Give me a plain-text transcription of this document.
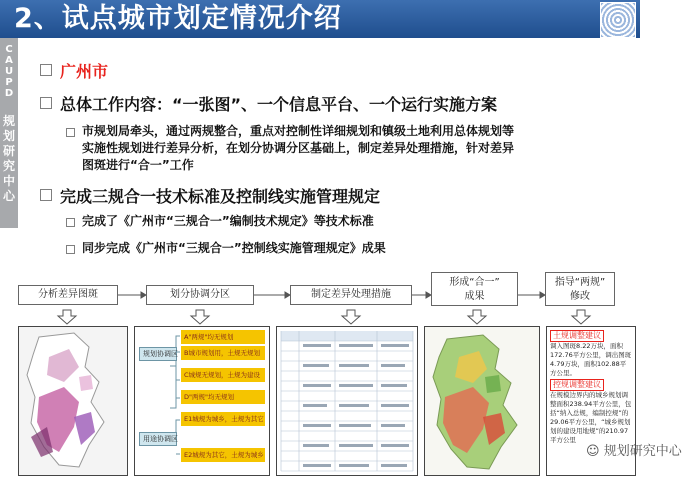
2、试点城市划定情况介绍
C
A
U
P
D
规
划
研
究
中
心
广州市
总体工作内容：“一张图”、一个信息平台、一个运行实施方案
市规划局牵头，通过两规整合，重点对控制性详细规划和镇级土地利用总体规划等
实施性规划进行差异分析，在划分协调分区基础上，制定差异处理措施，针对差异
图斑进行“合一”工作
完成三规合一技术标准及控制线实施管理规定
完成了《广州市“三规合一”编制技术规定》等技术标准
同步完成《广州市“三规合一”控制线实施管理规定》成果
分析差异图斑	划分协调分区	制定差异处理措施
形成“合一”
成果
指导“两规”
修改
规划协调区
用途协调区
A"两规"均无规划
B城市规划用，土规无规划
C城规无规划，土规为建设
D"两规"均无规划
E1城规为城乡，土规为其它
E2城规为其它，土规为城乡
土规调整建议
调入图斑8.22万块，面积172.76平方公里，调出图斑4.79万块，面积102.88平方公里。
控规调整建议
在规模边界内的城乡规划调整面积238.94平方公里，包括“纳入总规，编制控规”的29.06平方公里，“城乡规划划的建设用地规”的210.97平方公里
☺ 规划研究中心
